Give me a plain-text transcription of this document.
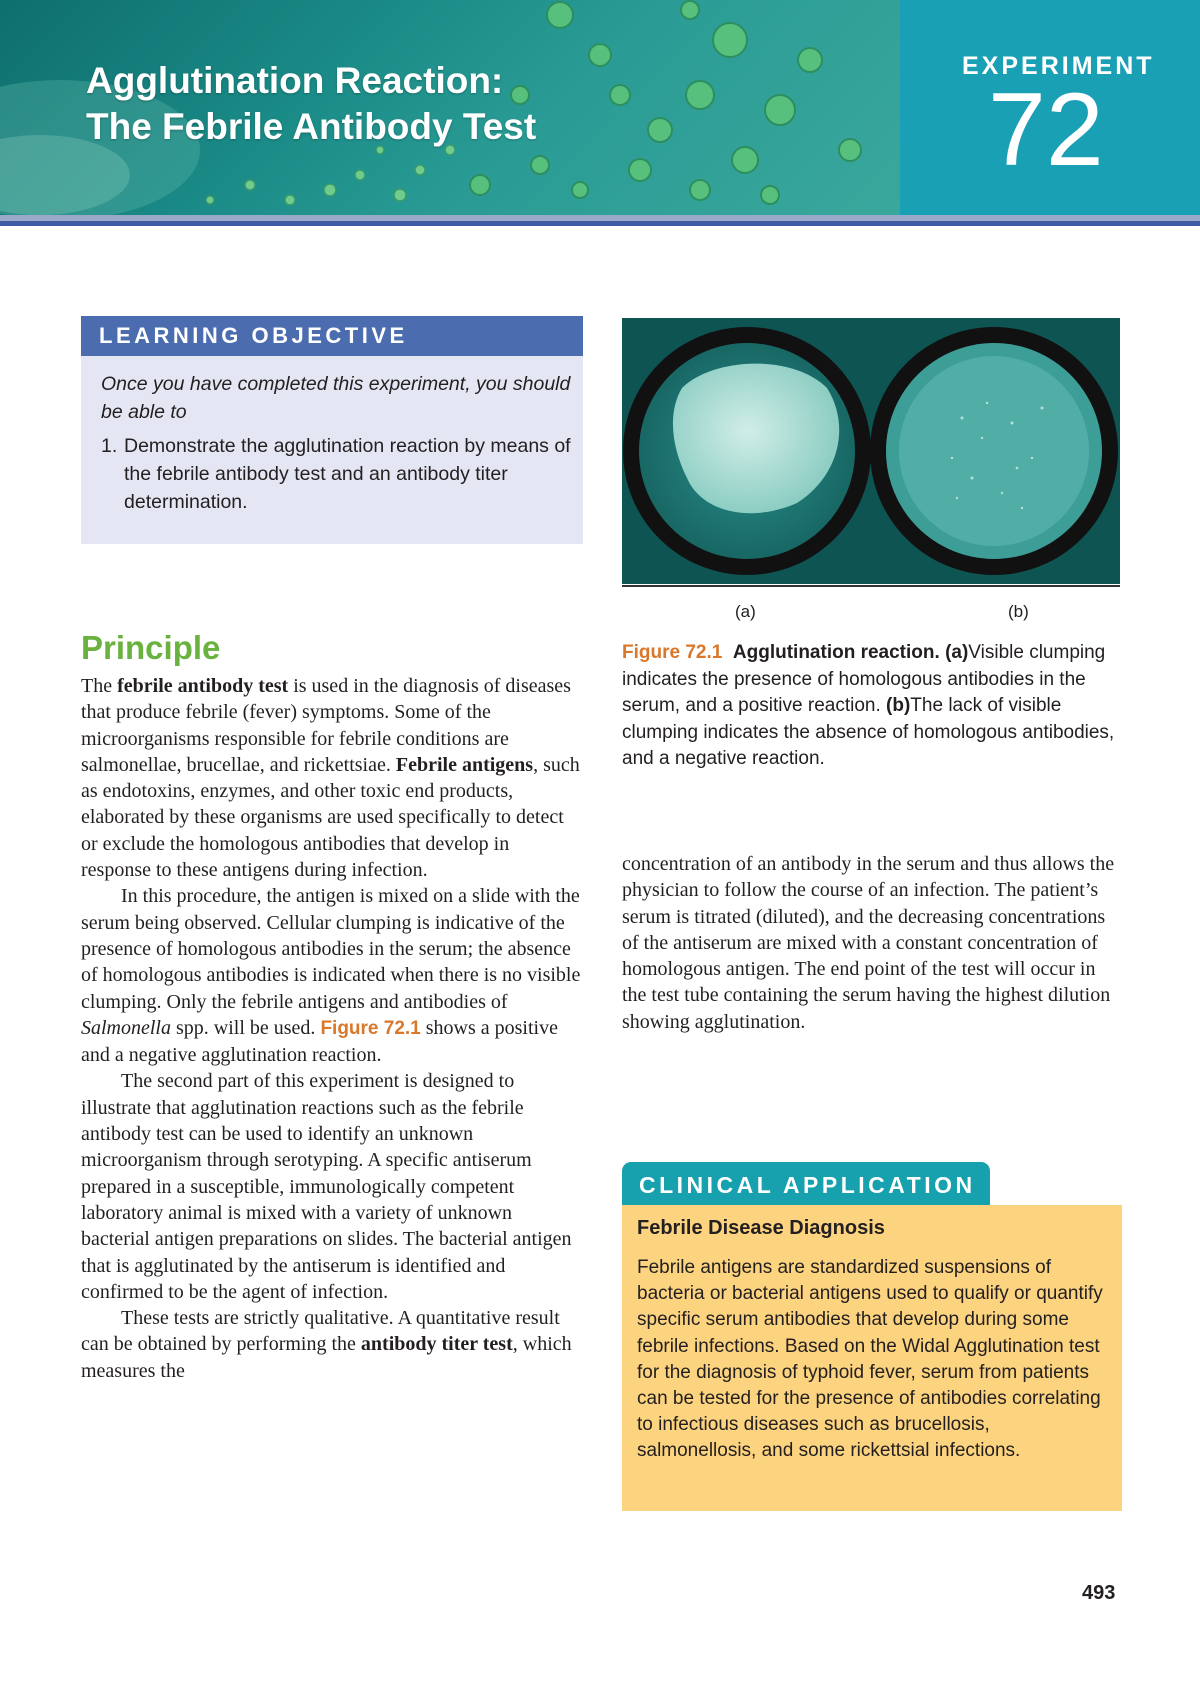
Agglutination Reaction:
The Febrile Antibody Test
EXPERIMENT
72
LEARNING OBJECTIVE
Once you have completed this experiment, you should be able to
1. Demonstrate the agglutination reaction by means of the febrile antibody test and an antibody titer determination.
(a)	(b)
Figure 72.1 Agglutination reaction. (a)Visible clumping indicates the presence of homologous antibodies in the serum, and a positive reaction. (b)The lack of visible clumping indicates the absence of homologous antibodies, and a negative reaction.
Principle

The febrile antibody test is used in the diagnosis of diseases that produce febrile (fever) symptoms. Some of the microorganisms responsible for febrile conditions are salmonellae, brucellae, and rickettsiae. Febrile antigens, such as endotoxins, enzymes, and other toxic end products, elaborated by these organisms are used specifically to detect or exclude the homologous antibodies that develop in response to these antigens during infection.

In this procedure, the antigen is mixed on a slide with the serum being observed. Cellular clumping is indicative of the presence of homologous antibodies in the serum; the absence of homologous antibodies is indicated when there is no visible clumping. Only the febrile antigens and antibodies of Salmonella spp. will be used. Figure 72.1 shows a positive and a negative agglutination reaction.

The second part of this experiment is designed to illustrate that agglutination reactions such as the febrile antibody test can be used to identify an unknown microorganism through serotyping. A specific antiserum prepared in a susceptible, immunologically competent laboratory animal is mixed with a variety of unknown bacterial antigen preparations on slides. The bacterial antigen that is agglutinated by the antiserum is identified and confirmed to be the agent of infection.

These tests are strictly qualitative. A quantitative result can be obtained by performing the antibody titer test, which measures the

concentration of an antibody in the serum and thus allows the physician to follow the course of an infection. The patient’s serum is titrated (diluted), and the decreasing concentrations of the antiserum are mixed with a constant concentration of homologous antigen. The end point of the test will occur in the test tube containing the serum having the highest dilution showing agglutination.

CLINICAL APPLICATION
Febrile Disease Diagnosis
Febrile antigens are standardized suspensions of bacteria or bacterial antigens used to qualify or quantify specific serum antibodies that develop during some febrile infections. Based on the Widal Agglutination test for the diagnosis of typhoid fever, serum from patients can be tested for the presence of antibodies correlating to infectious diseases such as brucellosis, salmonellosis, and some rickettsial infections.
493
